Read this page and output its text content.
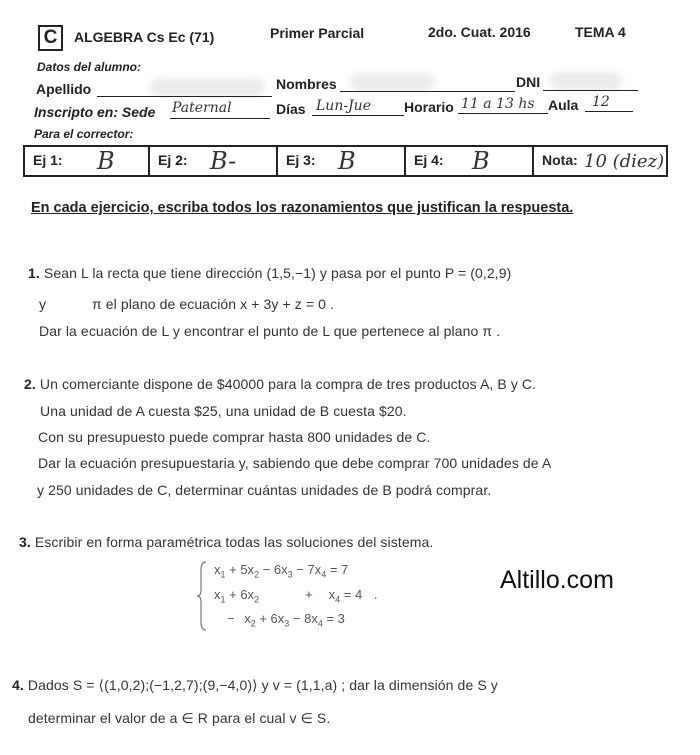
C	ALGEBRA Cs Ec (71)	Primer Parcial	2do. Cuat. 2016	TEMA 4
Datos del alumno:
Apellido	Nombres	DNI
Inscripto en: Sede Paternal	Días Lun-Jue Horario 11 a 13 hs Aula 12
Para el corrector:
Ej 1: B	Ej 2: B-	Ej 3: B	Ej 4: B	Nota: 10 (diez)
En cada ejercicio, escriba todos los razonamientos que justifican la respuesta.
1. Sean L la recta que tiene dirección (1,5,−1) y pasa por el punto P = (0,2,9)
y	π el plano de ecuación x + 3y + z = 0 .
Dar la ecuación de L y encontrar el punto de L que pertenece al plano π .
2. Un comerciante dispone de $40000 para la compra de tres productos A, B y C.
Una unidad de A cuesta $25, una unidad de B cuesta $20.
Con su presupuesto puede comprar hasta 800 unidades de C.
Dar la ecuación presupuestaria y, sabiendo que debe comprar 700 unidades de A
y 250 unidades de C, determinar cuántas unidades de B podrá comprar.
3. Escribir en forma paramétrica todas las soluciones del sistema.
$x_1 + 5x_2 - 6x_3 - 7x_4 = 7$
$x_1 + 6x_2$	+ $x_4 = 4$ .
− $x_2 + 6x_3 - 8x_4 = 3$
Altillo.com
4. Dados S = ⟨(1,0,2);(−1,2,7);(9,−4,0)⟩ y v = (1,1,a) ; dar la dimensión de S y
determinar el valor de a ∈ R para el cual v ∈ S.
